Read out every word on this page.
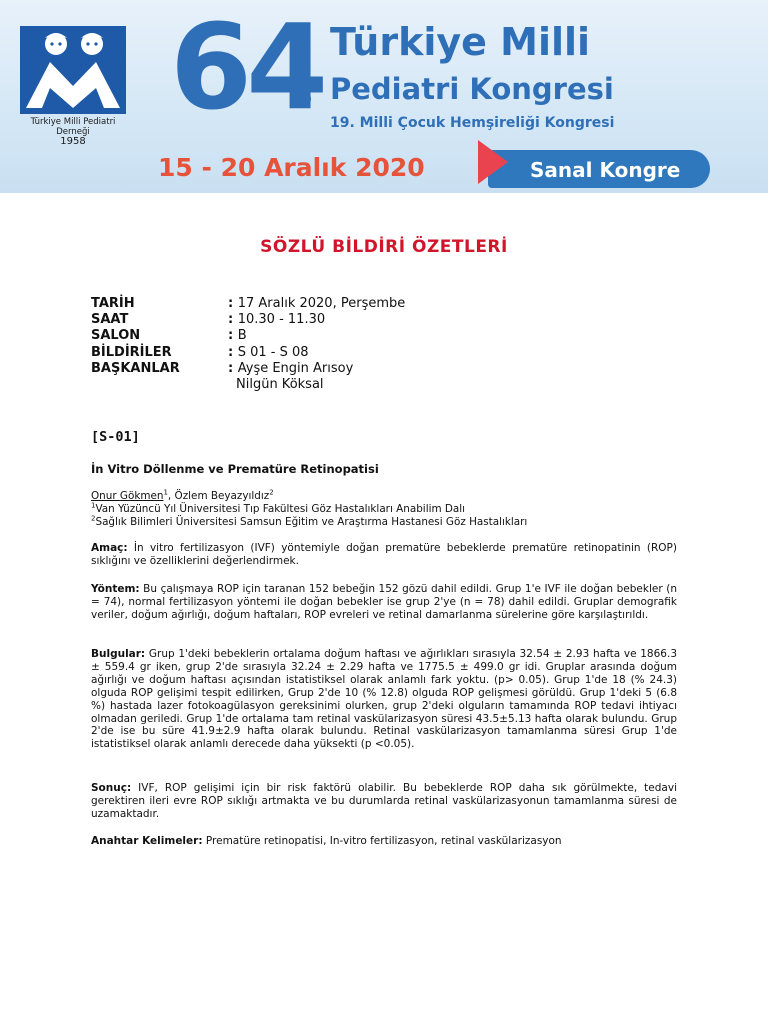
Türkiye Milli Pediatri Derneği
1958
64 Türkiye Milli
Pediatri Kongresi
19. Milli Çocuk Hemşireliği Kongresi
15 - 20 Aralık 2020	Sanal Kongre
SÖZLÜ BİLDİRİ ÖZETLERİ
TARİH	: 17 Aralık 2020, Perşembe
SAAT	: 10.30 - 11.30
SALON	: B
BİLDİRİLER	: S 01 - S 08
BAŞKANLAR	: Ayşe Engin Arısoy
Nilgün Köksal
[S-01]
İn Vitro Döllenme ve Prematüre Retinopatisi
Onur Gökmen$^1$, Özlem Beyazyıldız$^2$
$^1$Van Yüzüncü Yıl Üniversitesi Tıp Fakültesi Göz Hastalıkları Anabilim Dalı
$^2$Sağlık Bilimleri Üniversitesi Samsun Eğitim ve Araştırma Hastanesi Göz Hastalıkları
Amaç: İn vitro fertilizasyon (IVF) yöntemiyle doğan prematüre bebeklerde prematüre retinopatinin (ROP) sıklığını ve özelliklerini değerlendirmek.
Yöntem: Bu çalışmaya ROP için taranan 152 bebeğin 152 gözü dahil edildi. Grup 1'e IVF ile doğan bebekler (n = 74), normal fertilizasyon yöntemi ile doğan bebekler ise grup 2'ye (n = 78) dahil edildi. Gruplar demografik veriler, doğum ağırlığı, doğum haftaları, ROP evreleri ve retinal damarlanma sürelerine göre karşılaştırıldı.
Bulgular: Grup 1'deki bebeklerin ortalama doğum haftası ve ağırlıkları sırasıyla 32.54 ± 2.93 hafta ve 1866.3 ± 559.4 gr iken, grup 2'de sırasıyla 32.24 ± 2.29 hafta ve 1775.5 ± 499.0 gr idi. Gruplar arasında doğum ağırlığı ve doğum haftası açısından istatistiksel olarak anlamlı fark yoktu. (p> 0.05). Grup 1'de 18 (% 24.3) olguda ROP gelişimi tespit edilirken, Grup 2'de 10 (% 12.8) olguda ROP gelişmesi görüldü. Grup 1'deki 5 (6.8 %) hastada lazer fotokoagülasyon gereksinimi olurken, grup 2'deki olguların tamamında ROP tedavi ihtiyacı olmadan geriledi. Grup 1'de ortalama tam retinal vaskülarizasyon süresi 43.5±5.13 hafta olarak bulundu. Grup 2'de ise bu süre 41.9±2.9 hafta olarak bulundu. Retinal vaskülarizasyon tamamlanma süresi Grup 1'de istatistiksel olarak anlamlı derecede daha yüksekti (p <0.05).
Sonuç: IVF, ROP gelişimi için bir risk faktörü olabilir. Bu bebeklerde ROP daha sık görülmekte, tedavi gerektiren ileri evre ROP sıklığı artmakta ve bu durumlarda retinal vaskülarizasyonun tamamlanma süresi de uzamaktadır.
Anahtar Kelimeler: Prematüre retinopatisi, In-vitro fertilizasyon, retinal vaskülarizasyon
